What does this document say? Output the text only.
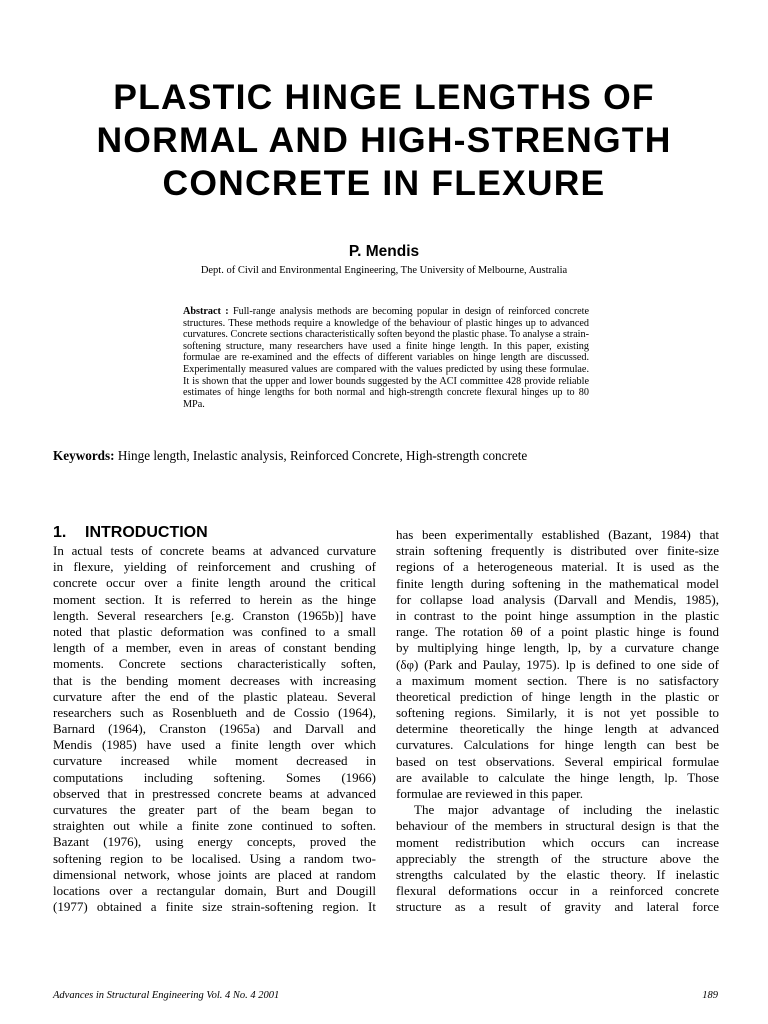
PLASTIC HINGE LENGTHS OF
NORMAL AND HIGH-STRENGTH
CONCRETE IN FLEXURE
P. Mendis
Dept. of Civil and Environmental Engineering, The University of Melbourne, Australia
Abstract : Full-range analysis methods are becoming popular in design of reinforced concrete structures. These methods require a knowledge of the behaviour of plastic hinges up to advanced curvatures. Concrete sections characteristically soften beyond the plastic phase. To analyse a strain-softening structure, many researchers have used a finite hinge length. In this paper, existing formulae are re-examined and the effects of different variables on hinge length are discussed. Experimentally measured values are compared with the values predicted by using these formulae. It is shown that the upper and lower bounds suggested by the ACI committee 428 provide reliable estimates of hinge lengths for both normal and high-strength concrete flexural hinges up to 80 MPa.
Keywords: Hinge length, Inelastic analysis, Reinforced Concrete, High-strength concrete
1. INTRODUCTION
In actual tests of concrete beams at advanced curvature
in flexure, yielding of reinforcement and crushing of
concrete occur over a finite length around the critical
moment section. It is referred to herein as the hinge
length. Several researchers [e.g. Cranston (1965b)] have
noted that plastic deformation was confined to a small
length of a member, even in areas of constant bending
moments. Concrete sections characteristically soften,
that is the bending moment decreases with increasing
curvature after the end of the plastic plateau. Several
researchers such as Rosenblueth and de Cossio (1964),
Barnard (1964), Cranston (1965a) and Darvall and
Mendis (1985) have used a finite length over which
curvature increased while moment decreased in
computations including softening. Somes (1966)
observed that in prestressed concrete beams at advanced
curvatures the greater part of the beam began to
straighten out while a finite zone continued to soften.
Bazant (1976), using energy concepts, proved the
softening region to be localised. Using a random two-
dimensional network, whose joints are placed at random
locations over a rectangular domain, Burt and Dougill
(1977) obtained a finite size strain-softening region. It
has been experimentally established (Bazant, 1984) that
strain softening frequently is distributed over finite-size
regions of a heterogeneous material. It is used as the
finite length during softening in the mathematical model
for collapse load analysis (Darvall and Mendis, 1985),
in contrast to the point hinge assumption in the plastic
range. The rotation δθ of a point plastic hinge is found
by multiplying hinge length, lp, by a curvature change
(δφ) (Park and Paulay, 1975). lp is defined to one side of
a maximum moment section. There is no satisfactory
theoretical prediction of hinge length in the plastic or
softening regions. Similarly, it is not yet possible to
determine theoretically the hinge length at advanced
curvatures. Calculations for hinge length can best be
based on test observations. Several empirical formulae
are available to calculate the hinge length, lp. Those
formulae are reviewed in this paper.
The major advantage of including the inelastic
behaviour of the members in structural design is that the
moment redistribution which occurs can increase
appreciably the strength of the structure above the
strengths calculated by the elastic theory. If inelastic
flexural deformations occur in a reinforced concrete
structure as a result of gravity and lateral force
Advances in Structural Engineering Vol. 4 No. 4 2001	189
